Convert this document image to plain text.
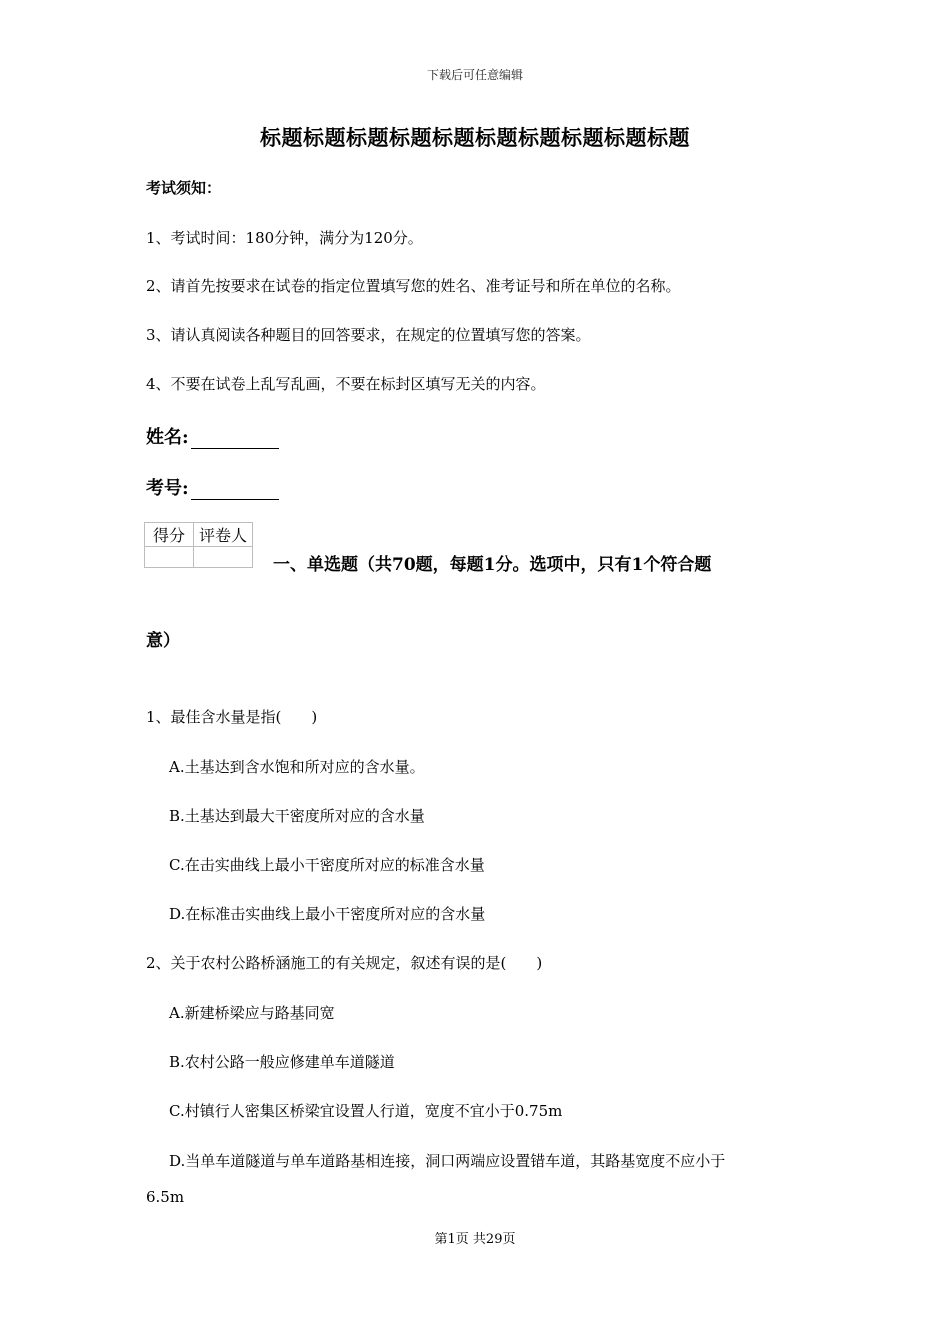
下载后可任意编辑
标题标题标题标题标题标题标题标题标题标题
考试须知：
1、考试时间：180分钟，满分为120分。
2、请首先按要求在试卷的指定位置填写您的姓名、准考证号和所在单位的名称。
3、请认真阅读各种题目的回答要求，在规定的位置填写您的答案。
4、不要在试卷上乱写乱画，不要在标封区填写无关的内容。
姓名:
考号:
得分	评卷人

一、单选题（共70题，每题1分。选项中，只有1个符合题
意）
1、最佳含水量是指(　　)
A.土基达到含水饱和所对应的含水量。
B.土基达到最大干密度所对应的含水量
C.在击实曲线上最小干密度所对应的标准含水量
D.在标准击实曲线上最小干密度所对应的含水量
2、关于农村公路桥涵施工的有关规定，叙述有误的是(　　)
A.新建桥梁应与路基同宽
B.农村公路一般应修建单车道隧道
C.村镇行人密集区桥梁宜设置人行道，宽度不宜小于0.75m
D.当单车道隧道与单车道路基相连接，洞口两端应设置错车道，其路基宽度不应小于
6.5m
第1页 共29页
